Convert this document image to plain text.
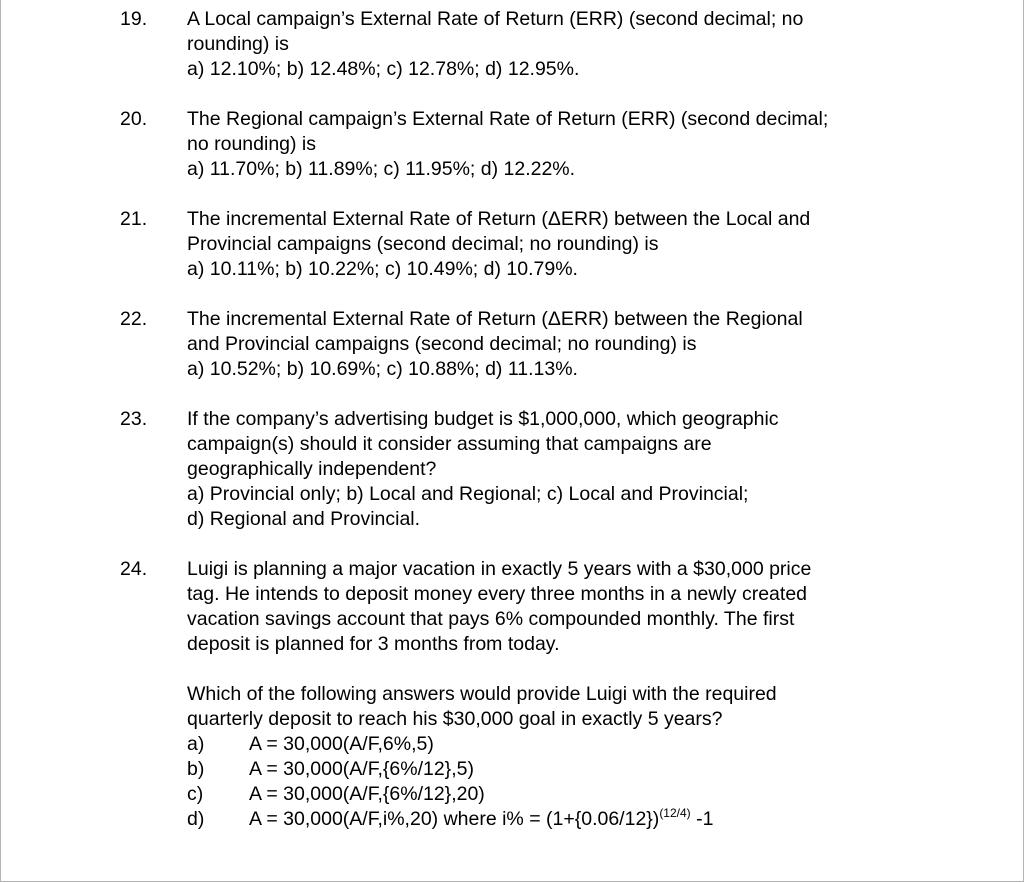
19. A Local campaign’s External Rate of Return (ERR) (second decimal; no
rounding) is
a) 12.10%; b) 12.48%; c) 12.78%; d) 12.95%.
20. The Regional campaign’s External Rate of Return (ERR) (second decimal;
no rounding) is
a) 11.70%; b) 11.89%; c) 11.95%; d) 12.22%.
21. The incremental External Rate of Return (ΔERR) between the Local and
Provincial campaigns (second decimal; no rounding) is
a) 10.11%; b) 10.22%; c) 10.49%; d) 10.79%.
22. The incremental External Rate of Return (ΔERR) between the Regional
and Provincial campaigns (second decimal; no rounding) is
a) 10.52%; b) 10.69%; c) 10.88%; d) 11.13%.
23. If the company’s advertising budget is $1,000,000, which geographic
campaign(s) should it consider assuming that campaigns are
geographically independent?
a) Provincial only; b) Local and Regional; c) Local and Provincial;
d) Regional and Provincial.
24. Luigi is planning a major vacation in exactly 5 years with a $30,000 price
tag. He intends to deposit money every three months in a newly created
vacation savings account that pays 6% compounded monthly. The first
deposit is planned for 3 months from today.
Which of the following answers would provide Luigi with the required
quarterly deposit to reach his $30,000 goal in exactly 5 years?
a) A = 30,000(A/F,6%,5)
b) A = 30,000(A/F,{6%/12},5)
c) A = 30,000(A/F,{6%/12},20)
d) A = 30,000(A/F,i%,20) where $i\% = (1+\{0.06/12\})^{(12/4)}$ -1
